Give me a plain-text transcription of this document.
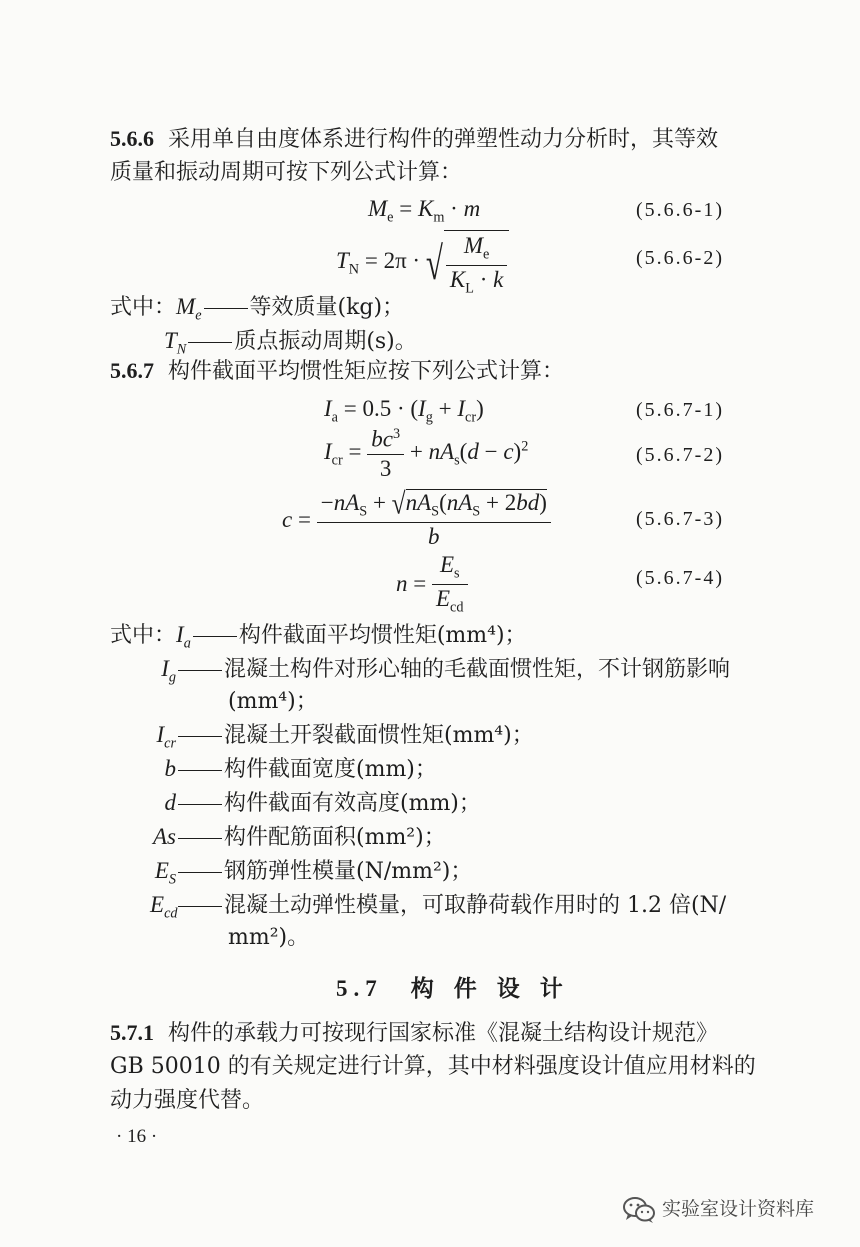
5.6.6 采用单自由度体系进行构件的弹塑性动力分析时，其等效
质量和振动周期可按下列公式计算：
$M_e = K_m \cdot m$	(5.6.6-1)
$T_N = 2\pi$ · √ $\frac{M_e}{K_L \cdot k}$	(5.6.6-2)
式中：$M_e$ 等效质量(kg)；
$T_N$ 质点振动周期(s)。
5.6.7 构件截面平均惯性矩应按下列公式计算：
$I_a = 0.5 \cdot (I_g + I_{cr})$	(5.6.7-1)
$I_{cr} = \frac{bc^3}{3} + nA_s(d - c)^2$	(5.6.7-2)
$c = \frac{-nA_S + √nA_S(nA_S + 2bd)}{b}$	(5.6.7-3)
$n = \frac{E_s}{E_{cd}}$	(5.6.7-4)
式中：$I_a$ 构件截面平均惯性矩(mm⁴)；
$I_g$ 混凝土构件对形心轴的毛截面惯性矩，不计钢筋影响
(mm⁴)；
$I_{cr}$ 混凝土开裂截面惯性矩(mm⁴)；
b 构件截面宽度(mm)；
d 构件截面有效高度(mm)；
As 构件配筋面积(mm²)；
$E_S$ 钢筋弹性模量(N/mm²)；
$E_{cd}$ 混凝土动弹性模量，可取静荷载作用时的 1.2 倍(N/
mm²)。
5.7 构 件 设 计
5.7.1 构件的承载力可按现行国家标准《混凝土结构设计规范》
GB 50010 的有关规定进行计算，其中材料强度设计值应用材料的
动力强度代替。
· 16 ·
实验室设计资料库
